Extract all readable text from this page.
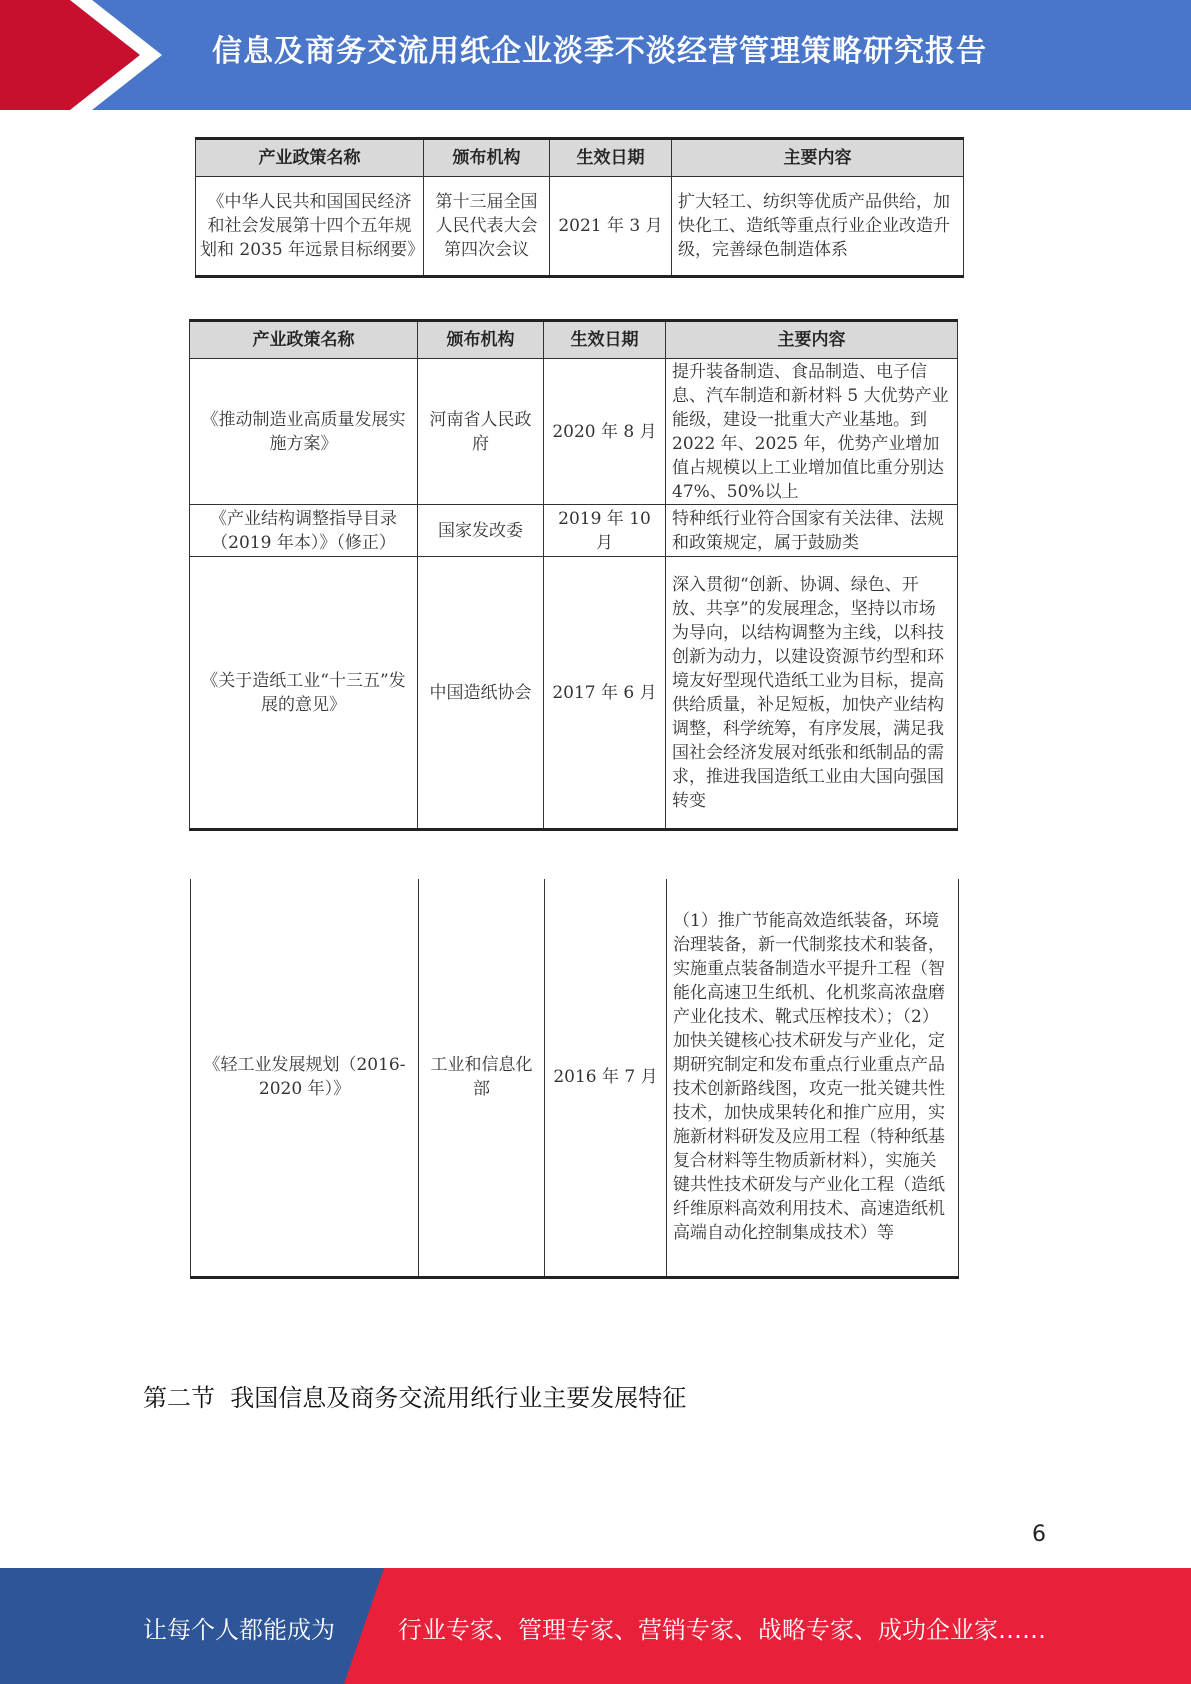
信息及商务交流用纸企业淡季不淡经营管理策略研究报告
产业政策名称	颁布机构	生效日期	主要内容
《中华人民共和国国民经济和社会发展第十四个五年规划和 2035 年远景目标纲要》	第十三届全国人民代表大会第四次会议	2021 年 3 月	扩大轻工、纺织等优质产品供给，加快化工、造纸等重点行业企业改造升级，完善绿色制造体系
产业政策名称	颁布机构	生效日期	主要内容
《推动制造业高质量发展实施方案》	河南省人民政府	2020 年 8 月	提升装备制造、食品制造、电子信息、汽车制造和新材料 5 大优势产业能级，建设一批重大产业基地。到 2022 年、2025 年，优势产业增加值占规模以上工业增加值比重分别达 47%、50%以上
《产业结构调整指导目录（2019 年本）》（修正）	国家发改委	2019 年 10 月	特种纸行业符合国家有关法律、法规和政策规定，属于鼓励类
《关于造纸工业“十三五”发展的意见》	中国造纸协会	2017 年 6 月	深入贯彻“创新、协调、绿色、开放、共享”的发展理念，坚持以市场为导向，以结构调整为主线，以科技创新为动力，以建设资源节约型和环境友好型现代造纸工业为目标，提高供给质量，补足短板，加快产业结构调整，科学统筹，有序发展，满足我国社会经济发展对纸张和纸制品的需求，推进我国造纸工业由大国向强国转变
《轻工业发展规划（2016-2020 年）》	工业和信息化部	2016 年 7 月	（1）推广节能高效造纸装备，环境治理装备，新一代制浆技术和装备，实施重点装备制造水平提升工程（智能化高速卫生纸机、化机浆高浓盘磨产业化技术、靴式压榨技术）；（2）加快关键核心技术研发与产业化，定期研究制定和发布重点行业重点产品技术创新路线图，攻克一批关键共性技术，加快成果转化和推广应用，实施新材料研发及应用工程（特种纸基复合材料等生物质新材料），实施关键共性技术研发与产业化工程（造纸纤维原料高效利用技术、高速造纸机高端自动化控制集成技术）等
第二节  我国信息及商务交流用纸行业主要发展特征
6
让每个人都能成为	行业专家、管理专家、营销专家、战略专家、成功企业家……
